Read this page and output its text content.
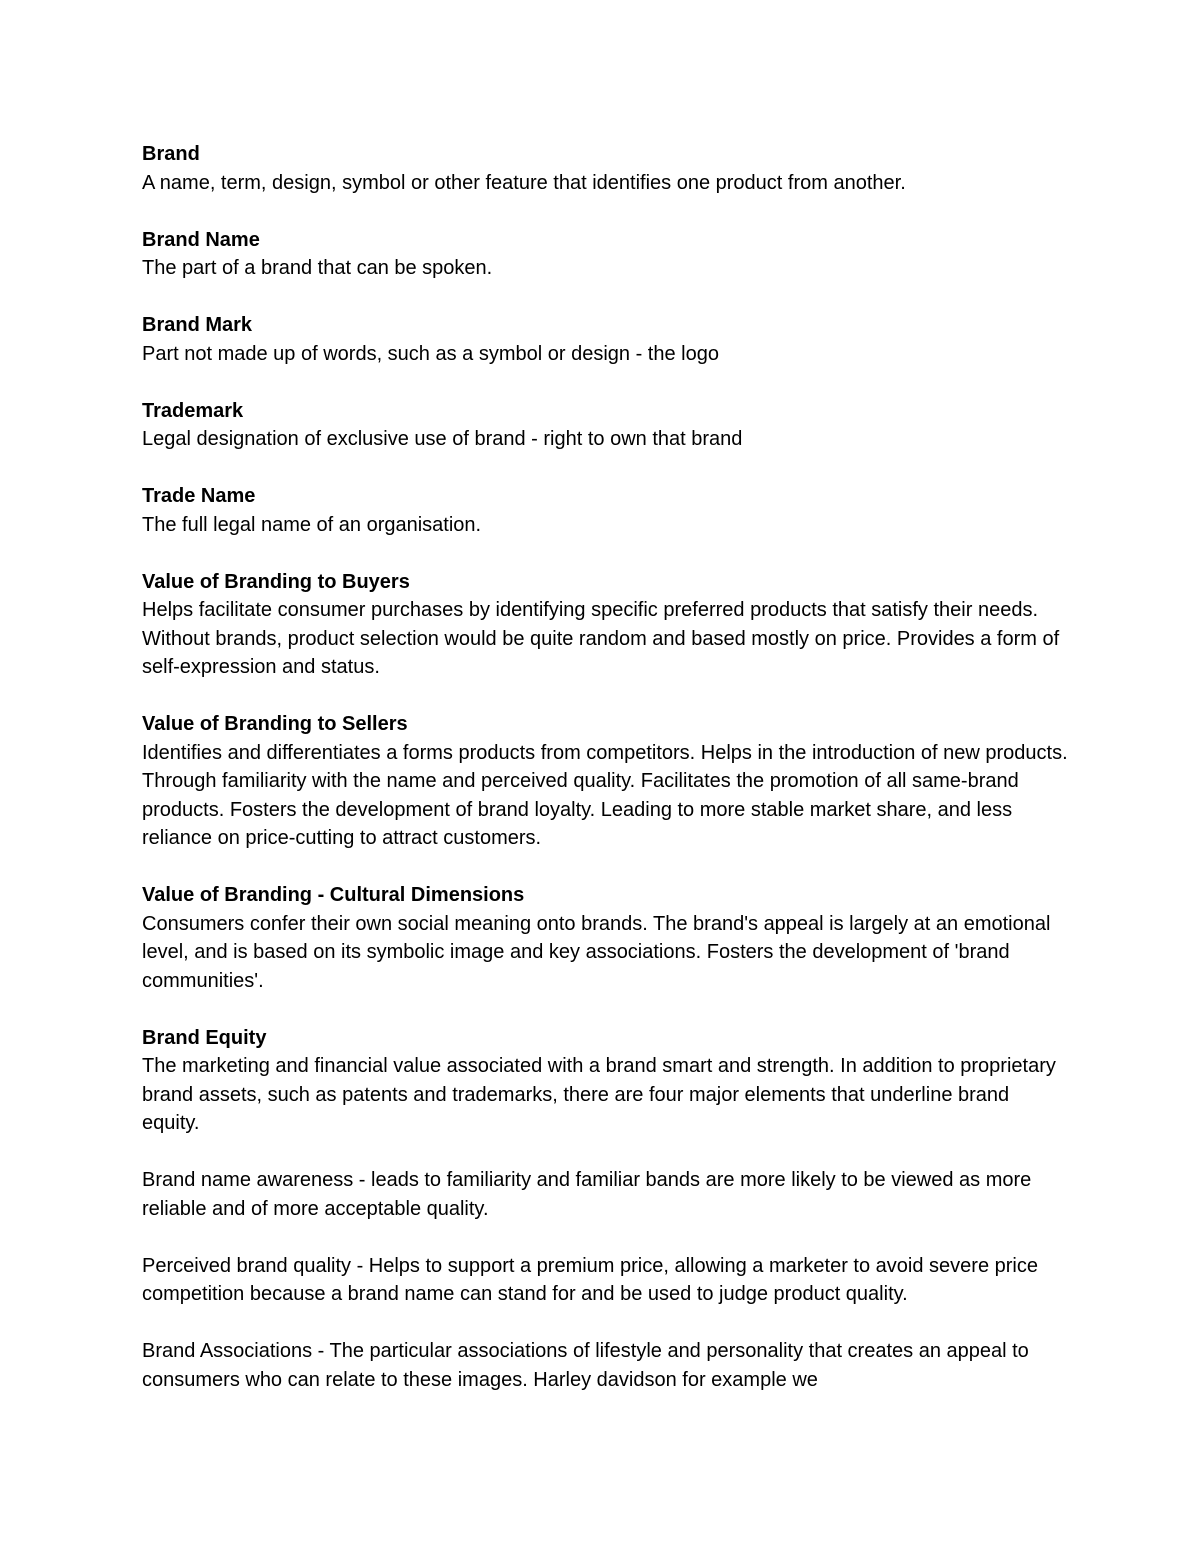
Brand
A name, term, design, symbol or other feature that identifies one product from another.
Brand Name
The part of a brand that can be spoken.
Brand Mark
Part not made up of words, such as a symbol or design - the logo
Trademark
Legal designation of exclusive use of brand - right to own that brand
Trade Name
The full legal name of an organisation.
Value of Branding to Buyers
Helps facilitate consumer purchases by identifying specific preferred products that satisfy their needs. Without brands, product selection would be quite random and based mostly on price. Provides a form of self-expression and status.
Value of Branding to Sellers
Identifies and differentiates a forms products from competitors. Helps in the introduction of new products. Through familiarity with the name and perceived quality. Facilitates the promotion of all same-brand products. Fosters the development of brand loyalty. Leading to more stable market share, and less reliance on price-cutting to attract customers.
Value of Branding - Cultural Dimensions
Consumers confer their own social meaning onto brands. The brand's appeal is largely at an emotional level, and is based on its symbolic image and key associations. Fosters the development of 'brand communities'.
Brand Equity
The marketing and financial value associated with a brand smart and strength. In addition to proprietary brand assets, such as patents and trademarks, there are four major elements that underline brand equity.
Brand name awareness - leads to familiarity and familiar bands are more likely to be viewed as more reliable and of more acceptable quality.
Perceived brand quality - Helps to support a premium price, allowing a marketer to avoid severe price competition because a brand name can stand for and be used to judge product quality.
Brand Associations - The particular associations of lifestyle and personality that creates an appeal to consumers who can relate to these images. Harley davidson for example we
